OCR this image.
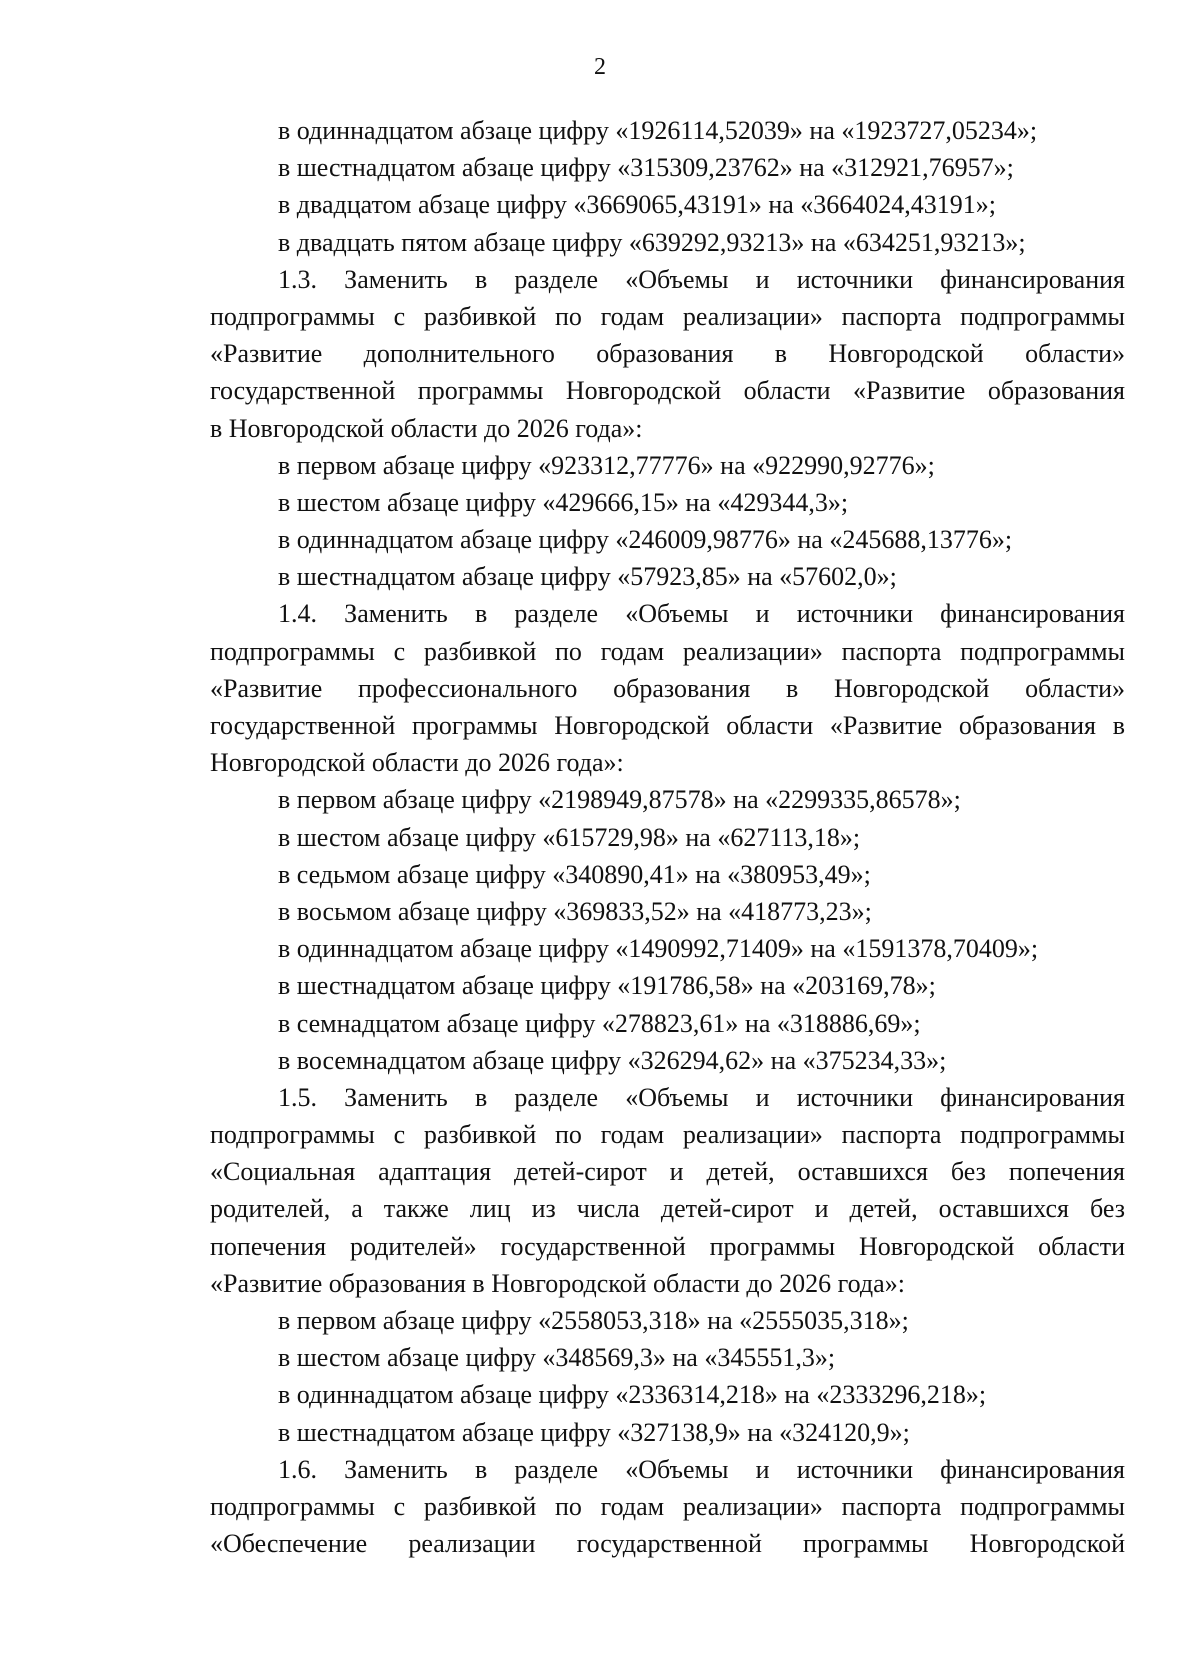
2
в одиннадцатом абзаце цифру «1926114,52039» на «1923727,05234»;
в шестнадцатом абзаце цифру «315309,23762» на «312921,76957»;
в двадцатом абзаце цифру «3669065,43191» на «3664024,43191»;
в двадцать пятом абзаце цифру «639292,93213» на «634251,93213»;
1.3. Заменить в разделе «Объемы и источники финансирования
подпрограммы с разбивкой по годам реализации» паспорта подпрограммы
«Развитие дополнительного образования в Новгородской области»
государственной программы Новгородской области «Развитие образования
в Новгородской области до 2026 года»:
в первом абзаце цифру «923312,77776» на «922990,92776»;
в шестом абзаце цифру «429666,15» на «429344,3»;
в одиннадцатом абзаце цифру «246009,98776» на «245688,13776»;
в шестнадцатом абзаце цифру «57923,85» на «57602,0»;
1.4. Заменить в разделе «Объемы и источники финансирования
подпрограммы с разбивкой по годам реализации» паспорта подпрограммы
«Развитие профессионального образования в Новгородской области»
государственной программы Новгородской области «Развитие образования в
Новгородской области до 2026 года»:
в первом абзаце цифру «2198949,87578» на «2299335,86578»;
в шестом абзаце цифру «615729,98» на «627113,18»;
в седьмом абзаце цифру «340890,41» на «380953,49»;
в восьмом абзаце цифру «369833,52» на «418773,23»;
в одиннадцатом абзаце цифру «1490992,71409» на «1591378,70409»;
в шестнадцатом абзаце цифру «191786,58» на «203169,78»;
в семнадцатом абзаце цифру «278823,61» на «318886,69»;
в восемнадцатом абзаце цифру «326294,62» на «375234,33»;
1.5. Заменить в разделе «Объемы и источники финансирования
подпрограммы с разбивкой по годам реализации» паспорта подпрограммы
«Социальная адаптация детей-сирот и детей, оставшихся без попечения
родителей, а также лиц из числа детей-сирот и детей, оставшихся без
попечения родителей» государственной программы Новгородской области
«Развитие образования в Новгородской области до 2026 года»:
в первом абзаце цифру «2558053,318» на «2555035,318»;
в шестом абзаце цифру «348569,3» на «345551,3»;
в одиннадцатом абзаце цифру «2336314,218» на «2333296,218»;
в шестнадцатом абзаце цифру «327138,9» на «324120,9»;
1.6. Заменить в разделе «Объемы и источники финансирования
подпрограммы с разбивкой по годам реализации» паспорта подпрограммы
«Обеспечение реализации государственной программы Новгородской
